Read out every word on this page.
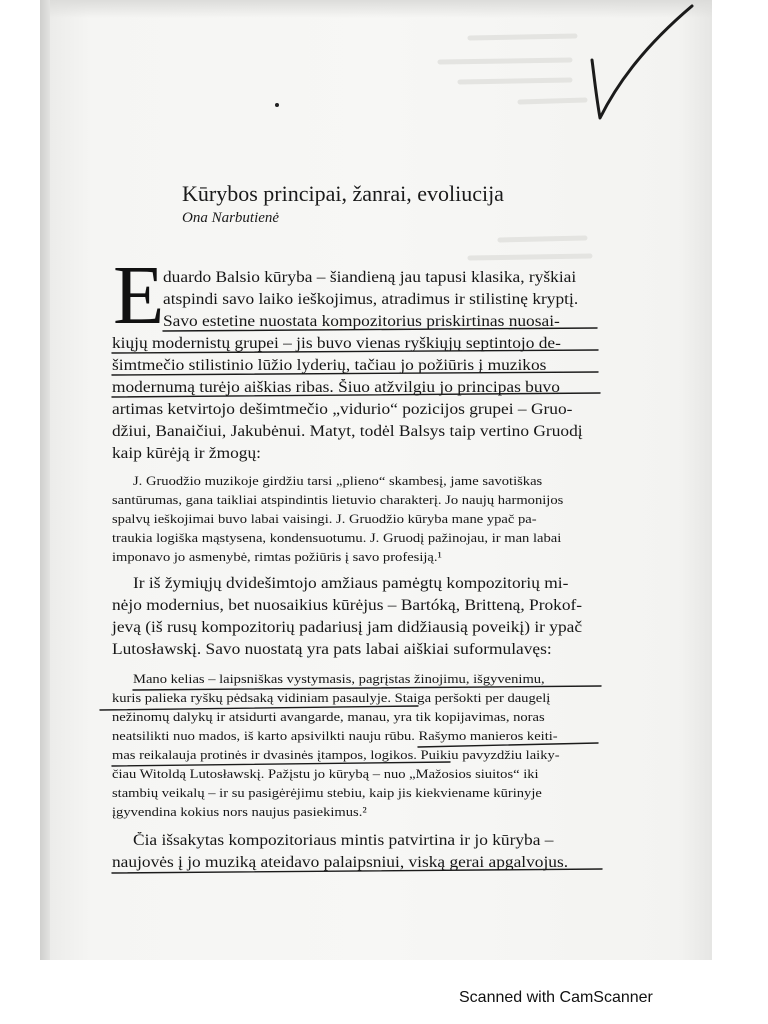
Kūrybos principai, žanrai, evoliucija
Ona Narbutienė
E
duardo Balsio kūryba – šiandieną jau tapusi klasika, ryškiai
atspindi savo laiko ieškojimus, atradimus ir stilistinę kryptį.
Savo estetine nuostata kompozitorius priskirtinas nuosai-
kiųjų modernistų grupei – jis buvo vienas ryškiųjų septintojo de-
šimtmečio stilistinio lūžio lyderių, tačiau jo požiūris į muzikos
modernumą turėjo aiškias ribas. Šiuo atžvilgiu jo principas buvo
artimas ketvirtojo dešimtmečio „vidurio“ pozicijos grupei – Gruo-
džiui, Banaičiui, Jakubėnui. Matyt, todėl Balsys taip vertino Gruodį
kaip kūrėją ir žmogų:
J. Gruodžio muzikoje girdžiu tarsi „plieno“ skambesį, jame savotiškas
santūrumas, gana taikliai atspindintis lietuvio charakterį. Jo naujų harmonijos
spalvų ieškojimai buvo labai vaisingi. J. Gruodžio kūryba mane ypač pa-
traukia logiška mąstysena, kondensuotumu. J. Gruodį pažinojau, ir man labai
imponavo jo asmenybė, rimtas požiūris į savo profesiją.¹
Ir iš žymiųjų dvidešimtojo amžiaus pamėgtų kompozitorių mi-
nėjo modernius, bet nuosaikius kūrėjus – Bartóką, Britteną, Prokof-
jevą (iš rusų kompozitorių padariusį jam didžiausią poveikį) ir ypač
Lutosławskį. Savo nuostatą yra pats labai aiškiai suformulavęs:
Mano kelias – laipsniškas vystymasis, pagrįstas žinojimu, išgyvenimu,
kuris palieka ryškų pėdsaką vidiniam pasaulyje. Staiga peršokti per daugelį
nežinomų dalykų ir atsidurti avangarde, manau, yra tik kopijavimas, noras
neatsilikti nuo mados, iš karto apsivilkti nauju rūbu. Rašymo manieros keiti-
mas reikalauja protinės ir dvasinės įtampos, logikos. Puikiu pavyzdžiu laiky-
čiau Witoldą Lutosławskį. Pažįstu jo kūrybą – nuo „Mažosios siuitos“ iki
stambių veikalų – ir su pasigėrėjimu stebiu, kaip jis kiekviename kūrinyje
įgyvendina kokius nors naujus pasiekimus.²
Čia išsakytas kompozitoriaus mintis patvirtina ir jo kūryba –
naujovės į jo muziką ateidavo palaipsniui, viską gerai apgalvojus.
Scanned with CamScanner
